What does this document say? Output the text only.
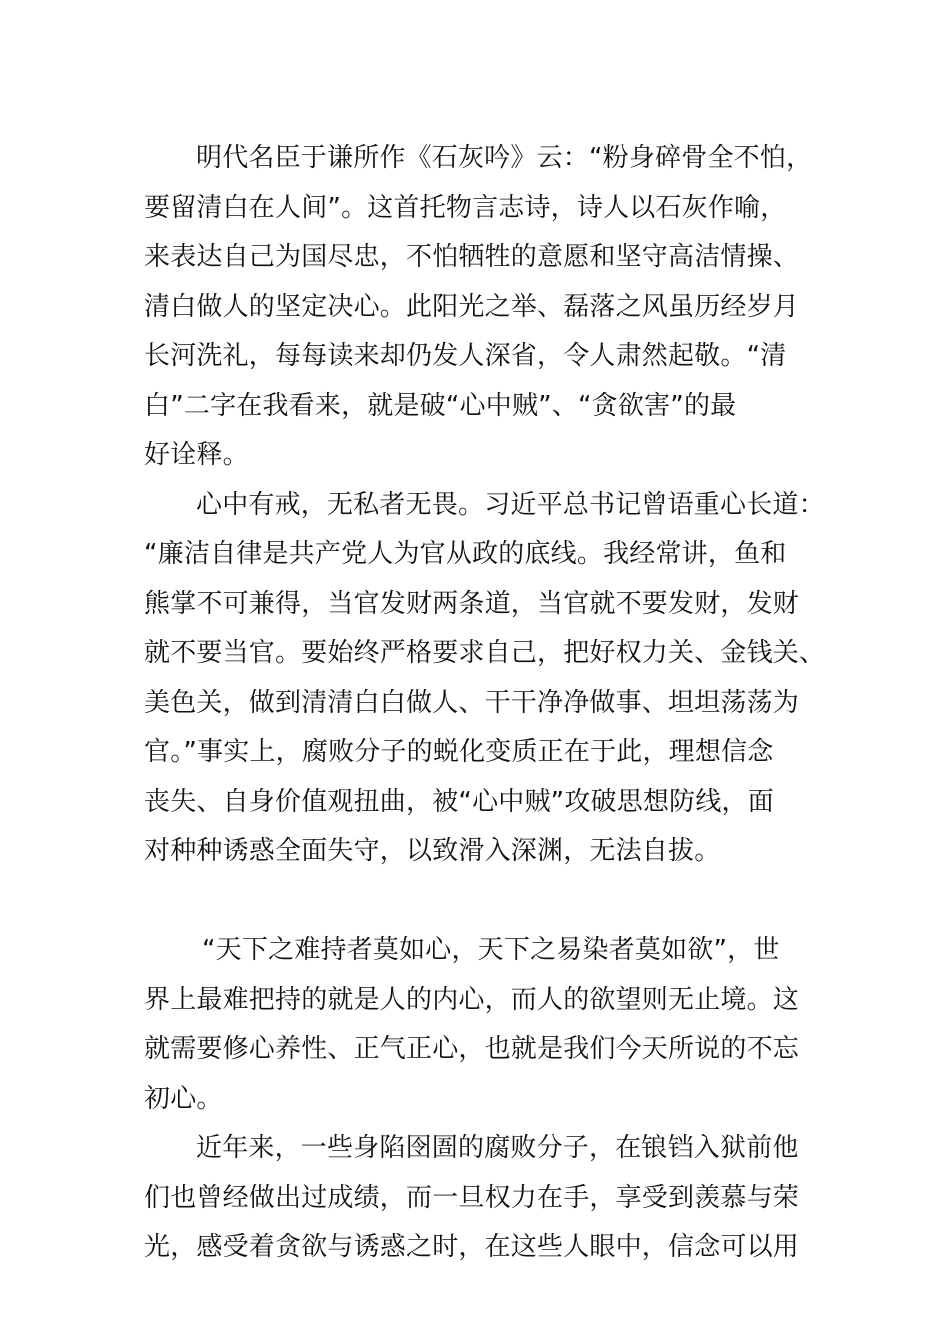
明代名臣于谦所作《石灰吟》云：“粉身碎骨全不怕，
要留清白在人间”。这首托物言志诗，诗人以石灰作喻，
来表达自己为国尽忠，不怕牺牲的意愿和坚守高洁情操、
清白做人的坚定决心。此阳光之举、磊落之风虽历经岁月
长河洗礼，每每读来却仍发人深省，令人肃然起敬。“清
白”二字在我看来，就是破“心中贼”、“贪欲害”的最
好诠释。
心中有戒，无私者无畏。习近平总书记曾语重心长道：
“廉洁自律是共产党人为官从政的底线。我经常讲，鱼和
熊掌不可兼得，当官发财两条道，当官就不要发财，发财
就不要当官。要始终严格要求自己，把好权力关、金钱关、
美色关，做到清清白白做人、干干净净做事、坦坦荡荡为
官。”事实上，腐败分子的蜕化变质正在于此，理想信念
丧失、自身价值观扭曲，被“心中贼”攻破思想防线，面
对种种诱惑全面失守，以致滑入深渊，无法自拔。
“天下之难持者莫如心，天下之易染者莫如欲”，世
界上最难把持的就是人的内心，而人的欲望则无止境。这
就需要修心养性、正气正心，也就是我们今天所说的不忘
初心。
近年来，一些身陷囹圄的腐败分子，在锒铛入狱前他
们也曾经做出过成绩，而一旦权力在手，享受到羡慕与荣
光，感受着贪欲与诱惑之时，在这些人眼中，信念可以用
